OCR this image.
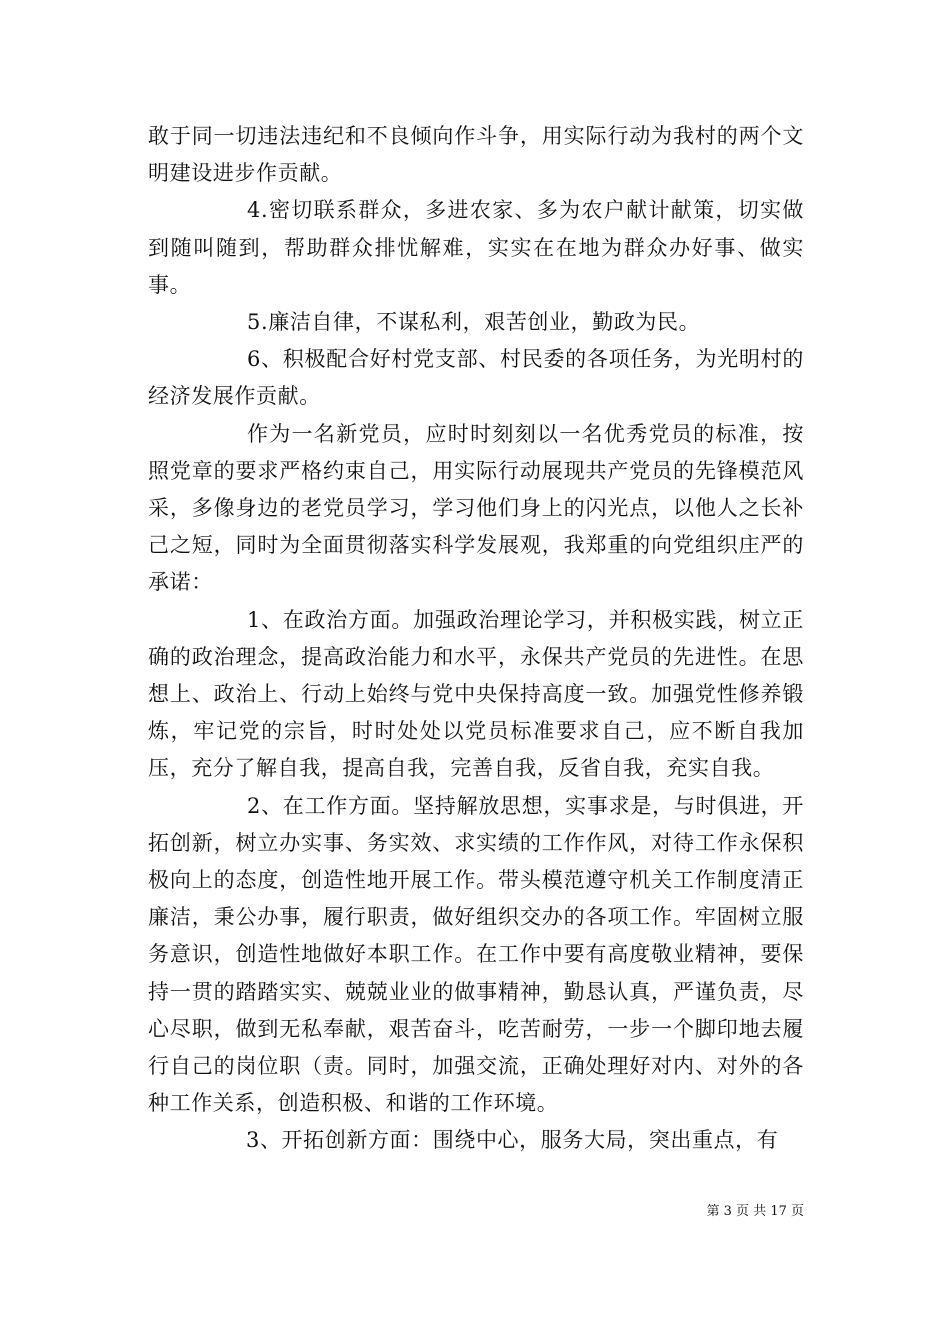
敢于同一切违法违纪和不良倾向作斗争，用实际行动为我村的两个文明建设进步作贡献。

4.密切联系群众，多进农家、多为农户献计献策，切实做到随叫随到，帮助群众排忧解难，实实在在地为群众办好事、做实事。

5.廉洁自律，不谋私利，艰苦创业，勤政为民。

6、积极配合好村党支部、村民委的各项任务，为光明村的经济发展作贡献。

作为一名新党员，应时时刻刻以一名优秀党员的标准，按照党章的要求严格约束自己，用实际行动展现共产党员的先锋模范风采，多像身边的老党员学习，学习他们身上的闪光点，以他人之长补己之短，同时为全面贯彻落实科学发展观，我郑重的向党组织庄严的承诺：

1、在政治方面。加强政治理论学习，并积极实践，树立正确的政治理念，提高政治能力和水平，永保共产党员的先进性。在思想上、政治上、行动上始终与党中央保持高度一致。加强党性修养锻炼，牢记党的宗旨，时时处处以党员标准要求自己，应不断自我加压，充分了解自我，提高自我，完善自我，反省自我，充实自我。

2、在工作方面。坚持解放思想，实事求是，与时俱进，开拓创新，树立办实事、务实效、求实绩的工作作风，对待工作永保积极向上的态度，创造性地开展工作。带头模范遵守机关工作制度清正廉洁，秉公办事，履行职责，做好组织交办的各项工作。牢固树立服务意识，创造性地做好本职工作。在工作中要有高度敬业精神，要保持一贯的踏踏实实、兢兢业业的做事精神，勤恳认真，严谨负责，尽心尽职，做到无私奉献，艰苦奋斗，吃苦耐劳，一步一个脚印地去履行自己的岗位职（责。同时，加强交流，正确处理好对内、对外的各种工作关系，创造积极、和谐的工作环境。

3、开拓创新方面：围绕中心，服务大局，突出重点，有

第 3 页 共 17 页
